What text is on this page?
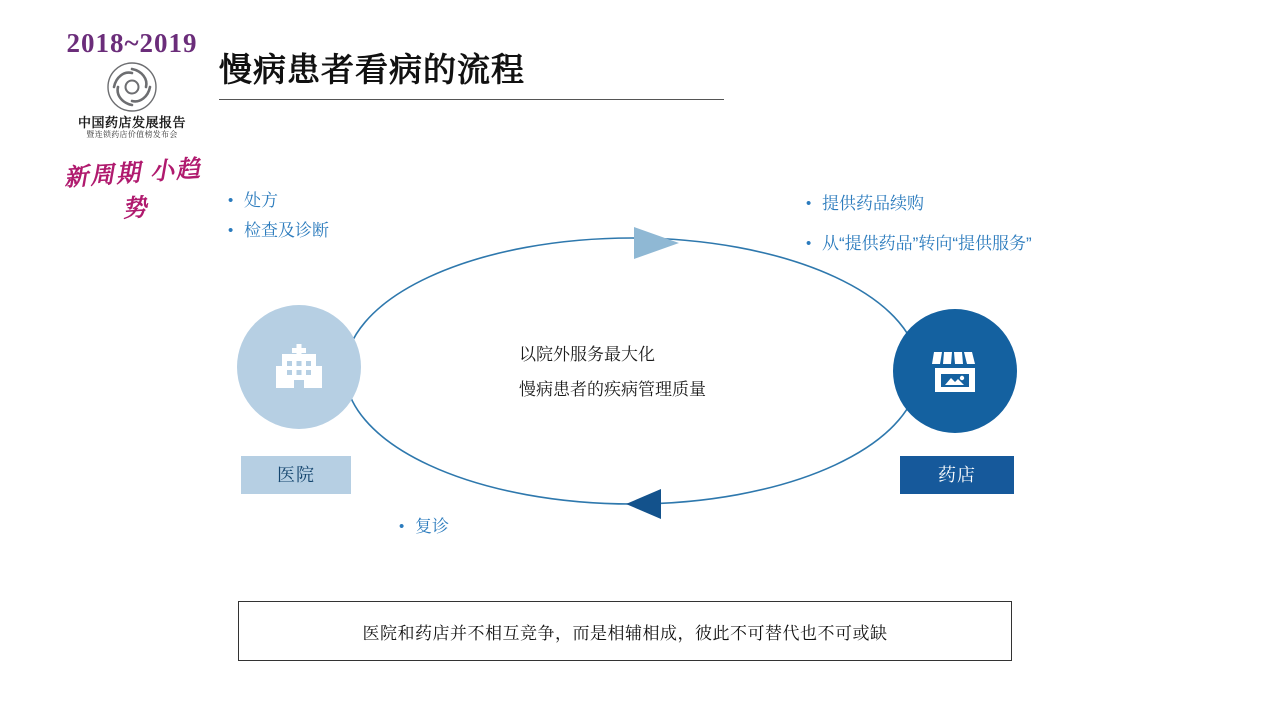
2018~2019
中国药店发展报告
暨连锁药店价值榜发布会
新周期 小趋势
慢病患者看病的流程
医院	药店
• 处方
• 检查及诊断
• 提供药品续购
• 从“提供药品”转向“提供服务”
• 复诊
以院外服务最大化
慢病患者的疾病管理质量
医院和药店并不相互竞争，而是相辅相成，彼此不可替代也不可或缺
